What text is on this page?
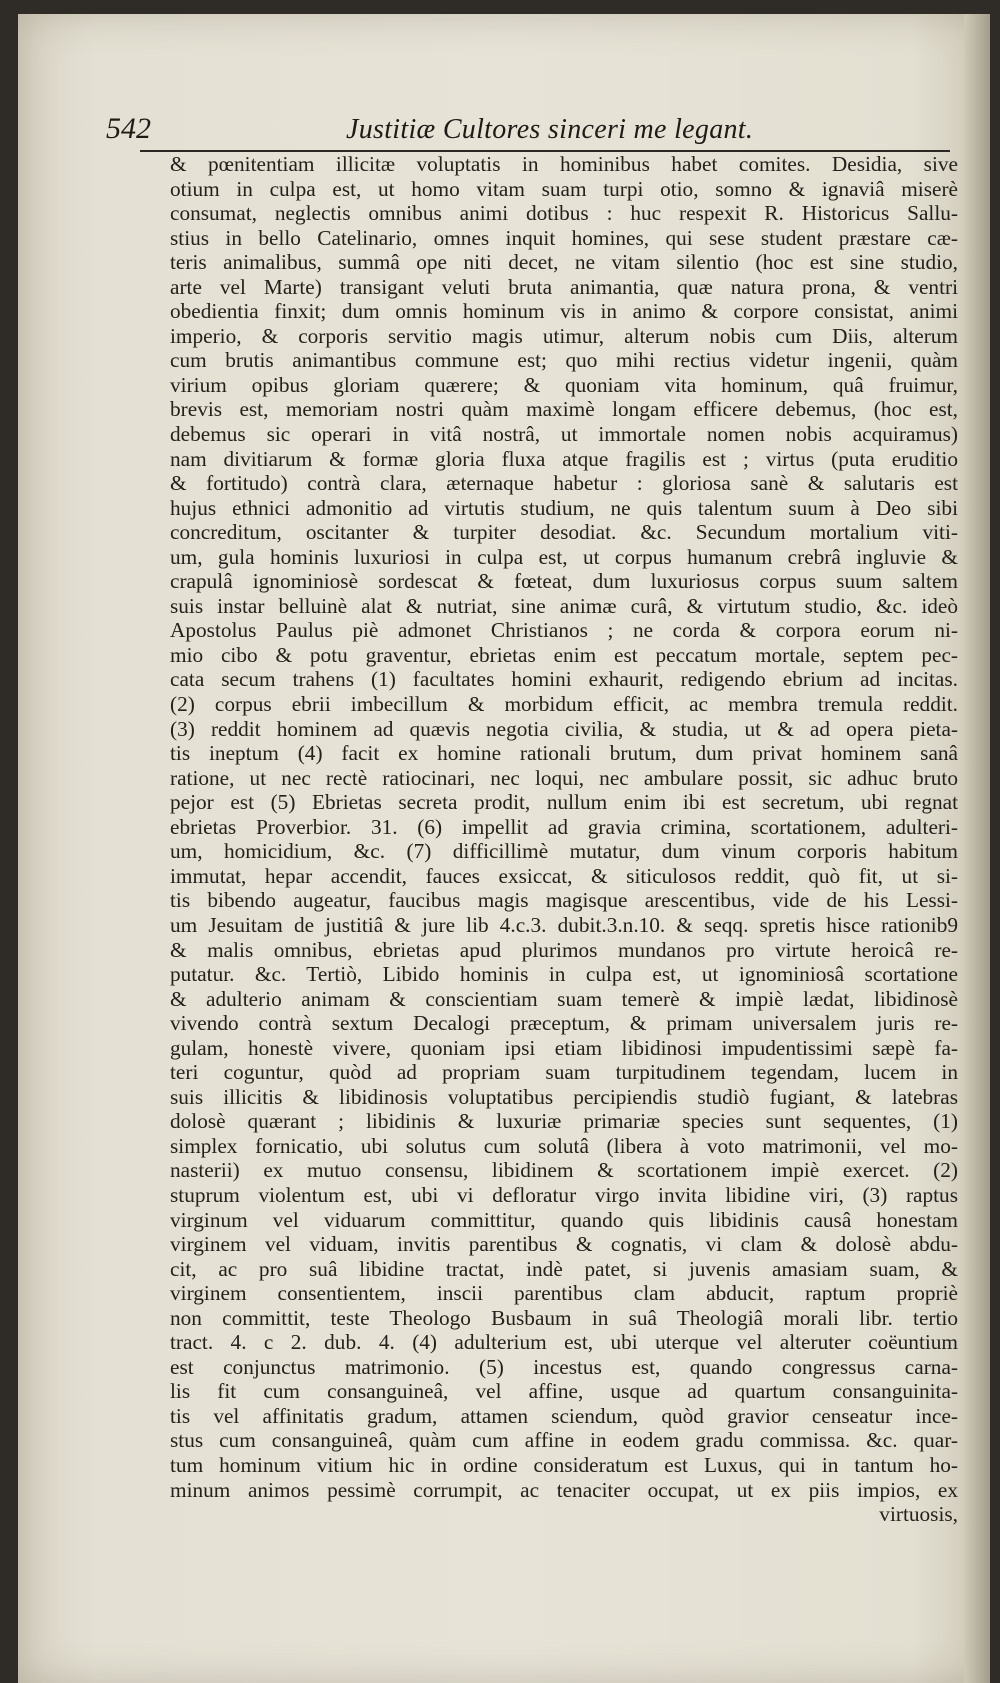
542	Justitiæ Cultores sinceri me legant.
& pœnitentiam illicitæ voluptatis in hominibus habet comites. Desidia, sive
otium in culpa est, ut homo vitam suam turpi otio, somno & ignaviâ miserè
consumat, neglectis omnibus animi dotibus : huc respexit R. Historicus Sallu-
stius in bello Catelinario, omnes inquit homines, qui sese student præstare cæ-
teris animalibus, summâ ope niti decet, ne vitam silentio (hoc est sine studio,
arte vel Marte) transigant veluti bruta animantia, quæ natura prona, & ventri
obedientia finxit; dum omnis hominum vis in animo & corpore consistat, animi
imperio, & corporis servitio magis utimur, alterum nobis cum Diis, alterum
cum brutis animantibus commune est; quo mihi rectius videtur ingenii, quàm
virium opibus gloriam quærere; & quoniam vita hominum, quâ fruimur,
brevis est, memoriam nostri quàm maximè longam efficere debemus, (hoc est,
debemus sic operari in vitâ nostrâ, ut immortale nomen nobis acquiramus)
nam divitiarum & formæ gloria fluxa atque fragilis est ; virtus (puta eruditio
& fortitudo) contrà clara, æternaque habetur : gloriosa sanè & salutaris est
hujus ethnici admonitio ad virtutis studium, ne quis talentum suum à Deo sibi
concreditum, oscitanter & turpiter desodiat. &c. Secundum mortalium viti-
um, gula hominis luxuriosi in culpa est, ut corpus humanum crebrâ ingluvie &
crapulâ ignominiosè sordescat & fœteat, dum luxuriosus corpus suum saltem
suis instar belluinè alat & nutriat, sine animæ curâ, & virtutum studio, &c. ideò
Apostolus Paulus piè admonet Christianos ; ne corda & corpora eorum ni-
mio cibo & potu graventur, ebrietas enim est peccatum mortale, septem pec-
cata secum trahens (1) facultates homini exhaurit, redigendo ebrium ad incitas.
(2) corpus ebrii imbecillum & morbidum efficit, ac membra tremula reddit.
(3) reddit hominem ad quævis negotia civilia, & studia, ut & ad opera pieta-
tis ineptum (4) facit ex homine rationali brutum, dum privat hominem sanâ
ratione, ut nec rectè ratiocinari, nec loqui, nec ambulare possit, sic adhuc bruto
pejor est (5) Ebrietas secreta prodit, nullum enim ibi est secretum, ubi regnat
ebrietas Proverbior. 31. (6) impellit ad gravia crimina, scortationem, adulteri-
um, homicidium, &c. (7) difficillimè mutatur, dum vinum corporis habitum
immutat, hepar accendit, fauces exsiccat, & siticulosos reddit, quò fit, ut si-
tis bibendo augeatur, faucibus magis magisque arescentibus, vide de his Lessi-
um Jesuitam de justitiâ & jure lib 4.c.3. dubit.3.n.10. & seqq. spretis hisce rationib9
& malis omnibus, ebrietas apud plurimos mundanos pro virtute heroicâ re-
putatur. &c. Tertiò, Libido hominis in culpa est, ut ignominiosâ scortatione
& adulterio animam & conscientiam suam temerè & impiè lædat, libidinosè
vivendo contrà sextum Decalogi præceptum, & primam universalem juris re-
gulam, honestè vivere, quoniam ipsi etiam libidinosi impudentissimi sæpè fa-
teri coguntur, quòd ad propriam suam turpitudinem tegendam, lucem in
suis illicitis & libidinosis voluptatibus percipiendis studiò fugiant, & latebras
dolosè quærant ; libidinis & luxuriæ primariæ species sunt sequentes, (1)
simplex fornicatio, ubi solutus cum solutâ (libera à voto matrimonii, vel mo-
nasterii) ex mutuo consensu, libidinem & scortationem impiè exercet. (2)
stuprum violentum est, ubi vi defloratur virgo invita libidine viri, (3) raptus
virginum vel viduarum committitur, quando quis libidinis causâ honestam
virginem vel viduam, invitis parentibus & cognatis, vi clam & dolosè abdu-
cit, ac pro suâ libidine tractat, indè patet, si juvenis amasiam suam, &
virginem consentientem, inscii parentibus clam abducit, raptum propriè
non committit, teste Theologo Busbaum in suâ Theologiâ morali libr. tertio
tract. 4. c 2. dub. 4. (4) adulterium est, ubi uterque vel alteruter coëuntium
est conjunctus matrimonio. (5) incestus est, quando congressus carna-
lis fit cum consanguineâ, vel affine, usque ad quartum consanguinita-
tis vel affinitatis gradum, attamen sciendum, quòd gravior censeatur ince-
stus cum consanguineâ, quàm cum affine in eodem gradu commissa. &c. quar-
tum hominum vitium hic in ordine consideratum est Luxus, qui in tantum ho-
minum animos pessimè corrumpit, ac tenaciter occupat, ut ex piis impios, ex
virtuosis,
